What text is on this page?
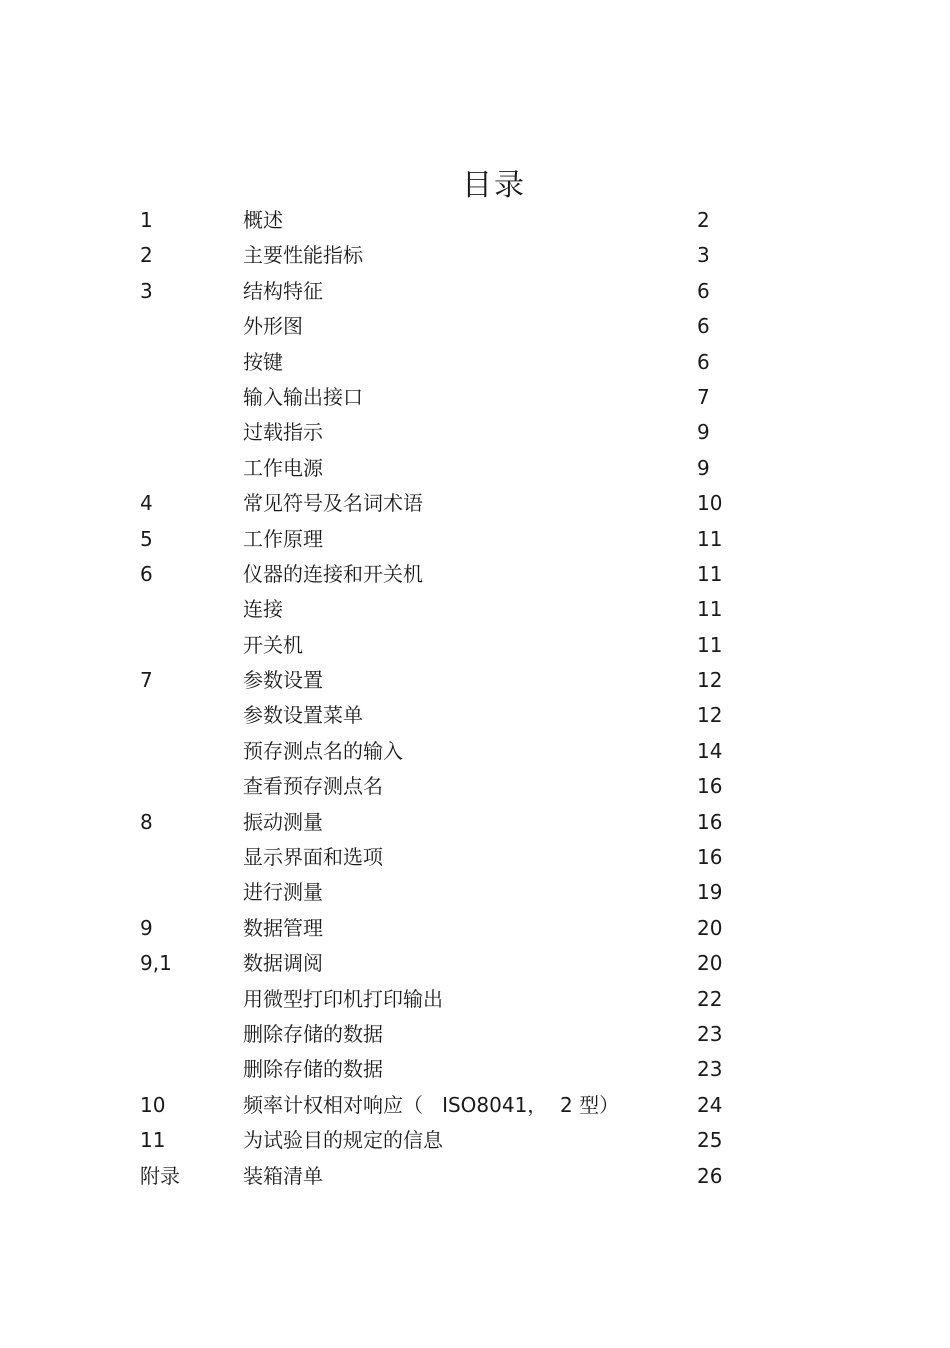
目录
1	概述	2
2	主要性能指标	3
3	结构特征	6
外形图	6
按键	6
输入输出接口	7
过载指示	9
工作电源	9
4	常见符号及名词术语	10
5	工作原理	11
6	仪器的连接和开关机	11
连接	11
开关机	11
7	参数设置	12
参数设置菜单	12
预存测点名的输入	14
查看预存测点名	16
8	振动测量	16
显示界面和选项	16
进行测量	19
9	数据管理	20
9,1	数据调阅	20
用微型打印机打印输出	22
删除存储的数据	23
删除存储的数据	23
10	频率计权相对响应（   ISO8041，  2 型）	24
11	为试验目的规定的信息	25
附录	装箱清单	26
